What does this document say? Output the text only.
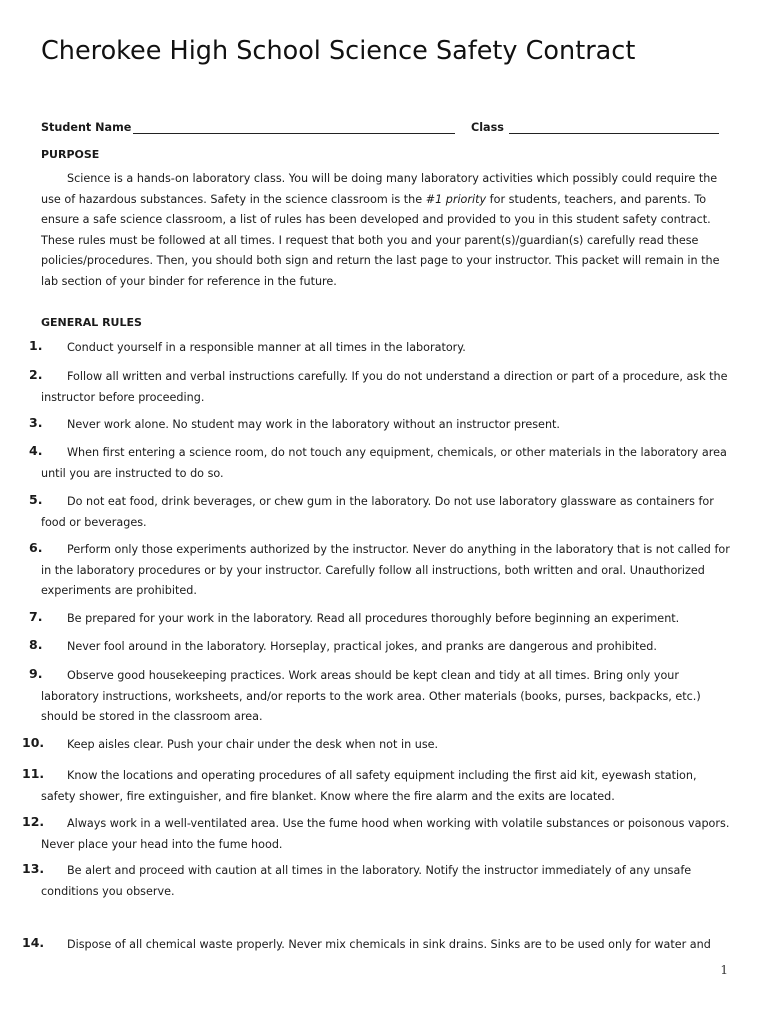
Cherokee High School Science Safety Contract
Student Name	Class
PURPOSE
Science is a hands-on laboratory class. You will be doing many laboratory activities which possibly could require the use of hazardous substances. Safety in the science classroom is the #1 priority for students, teachers, and parents. To ensure a safe science classroom, a list of rules has been developed and provided to you in this student safety contract. These rules must be followed at all times. I request that both you and your parent(s)/guardian(s) carefully read these policies/procedures. Then, you should both sign and return the last page to your instructor. This packet will remain in the lab section of your binder for reference in the future.
GENERAL RULES
1. Conduct yourself in a responsible manner at all times in the laboratory.
2. Follow all written and verbal instructions carefully. If you do not understand a direction or part of a procedure, ask the instructor before proceeding.
3. Never work alone. No student may work in the laboratory without an instructor present.
4. When first entering a science room, do not touch any equipment, chemicals, or other materials in the laboratory area until you are instructed to do so.
5. Do not eat food, drink beverages, or chew gum in the laboratory. Do not use laboratory glassware as containers for food or beverages.
6. Perform only those experiments authorized by the instructor. Never do anything in the laboratory that is not called for in the laboratory procedures or by your instructor. Carefully follow all instructions, both written and oral. Unauthorized experiments are prohibited.
7. Be prepared for your work in the laboratory. Read all procedures thoroughly before beginning an experiment.
8. Never fool around in the laboratory. Horseplay, practical jokes, and pranks are dangerous and prohibited.
9. Observe good housekeeping practices. Work areas should be kept clean and tidy at all times. Bring only your laboratory instructions, worksheets, and/or reports to the work area. Other materials (books, purses, backpacks, etc.) should be stored in the classroom area.
10. Keep aisles clear. Push your chair under the desk when not in use.
11. Know the locations and operating procedures of all safety equipment including the first aid kit, eyewash station, safety shower, fire extinguisher, and fire blanket. Know where the fire alarm and the exits are located.
12. Always work in a well-ventilated area. Use the fume hood when working with volatile substances or poisonous vapors. Never place your head into the fume hood.
13. Be alert and proceed with caution at all times in the laboratory. Notify the instructor immediately of any unsafe conditions you observe.
14. Dispose of all chemical waste properly. Never mix chemicals in sink drains. Sinks are to be used only for water and
1
